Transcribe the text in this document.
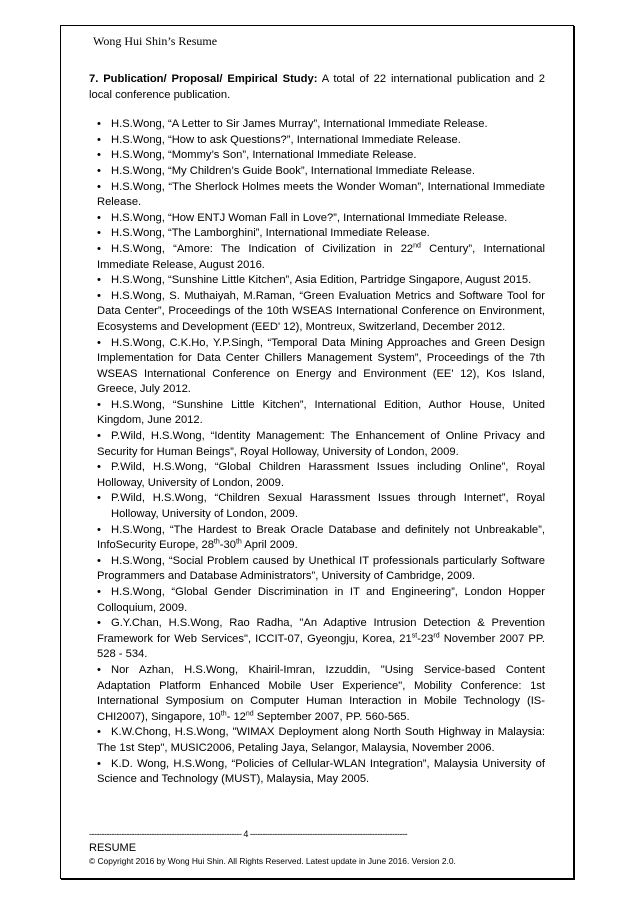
Wong Hui Shin’s Resume

7. Publication/ Proposal/ Empirical Study: A total of 22 international publication and 2 local conference publication.

• H.S.Wong, “A Letter to Sir James Murray”, International Immediate Release.
• H.S.Wong, “How to ask Questions?”, International Immediate Release.
• H.S.Wong, “Mommy’s Son”, International Immediate Release.
• H.S.Wong, “My Children’s Guide Book”, International Immediate Release.
• H.S.Wong, “The Sherlock Holmes meets the Wonder Woman”, International Immediate Release.
• H.S.Wong, “How ENTJ Woman Fall in Love?”, International Immediate Release.
• H.S.Wong, “The Lamborghini”, International Immediate Release.
• H.S.Wong, “Amore: The Indication of Civilization in 22nd Century”, International Immediate Release, August 2016.
• H.S.Wong, “Sunshine Little Kitchen”, Asia Edition, Partridge Singapore, August 2015.
• H.S.Wong, S. Muthaiyah, M.Raman, “Green Evaluation Metrics and Software Tool for Data Center”, Proceedings of the 10th WSEAS International Conference on Environment, Ecosystems and Development (EED' 12), Montreux, Switzerland, December 2012.
• H.S.Wong, C.K.Ho, Y.P.Singh, “Temporal Data Mining Approaches and Green Design Implementation for Data Center Chillers Management System”, Proceedings of the 7th WSEAS International Conference on Energy and Environment (EE' 12), Kos Island, Greece, July 2012.
• H.S.Wong, “Sunshine Little Kitchen”, International Edition, Author House, United Kingdom, June 2012.
• P.Wild, H.S.Wong, “Identity Management: The Enhancement of Online Privacy and Security for Human Beings”, Royal Holloway, University of London, 2009.
• P.Wild, H.S.Wong, “Global Children Harassment Issues including Online”, Royal Holloway, University of London, 2009.
• P.Wild, H.S.Wong, “Children Sexual Harassment Issues through Internet”, Royal Holloway, University of London, 2009.
• H.S.Wong, “The Hardest to Break Oracle Database and definitely not Unbreakable”, InfoSecurity Europe, 28th-30th April 2009.
• H.S.Wong, “Social Problem caused by Unethical IT professionals particularly Software Programmers and Database Administrators”, University of Cambridge, 2009.
• H.S.Wong, “Global Gender Discrimination in IT and Engineering”, London Hopper Colloquium, 2009.
• G.Y.Chan, H.S.Wong, Rao Radha, "An Adaptive Intrusion Detection & Prevention Framework for Web Services", ICCIT-07, Gyeongju, Korea, 21st-23rd November 2007 PP. 528 - 534.
• Nor Azhan, H.S.Wong, Khairil-Imran, Izzuddin, "Using Service-based Content Adaptation Platform Enhanced Mobile User Experience", Mobility Conference: 1st International Symposium on Computer Human Interaction in Mobile Technology (IS-CHI2007), Singapore, 10th- 12nd September 2007, PP. 560-565.
• K.W.Chong, H.S.Wong, "WIMAX Deployment along North South Highway in Malaysia: The 1st Step", MUSIC2006, Petaling Jaya, Selangor, Malaysia, November 2006.
• K.D. Wong, H.S.Wong, “Policies of Cellular-WLAN Integration”, Malaysia University of Science and Technology (MUST), Malaysia, May 2005.
------------------------------------------------------------- 4 ---------------------------------------------------------------
RESUME
© Copyright 2016 by Wong Hui Shin. All Rights Reserved. Latest update in June 2016. Version 2.0.
